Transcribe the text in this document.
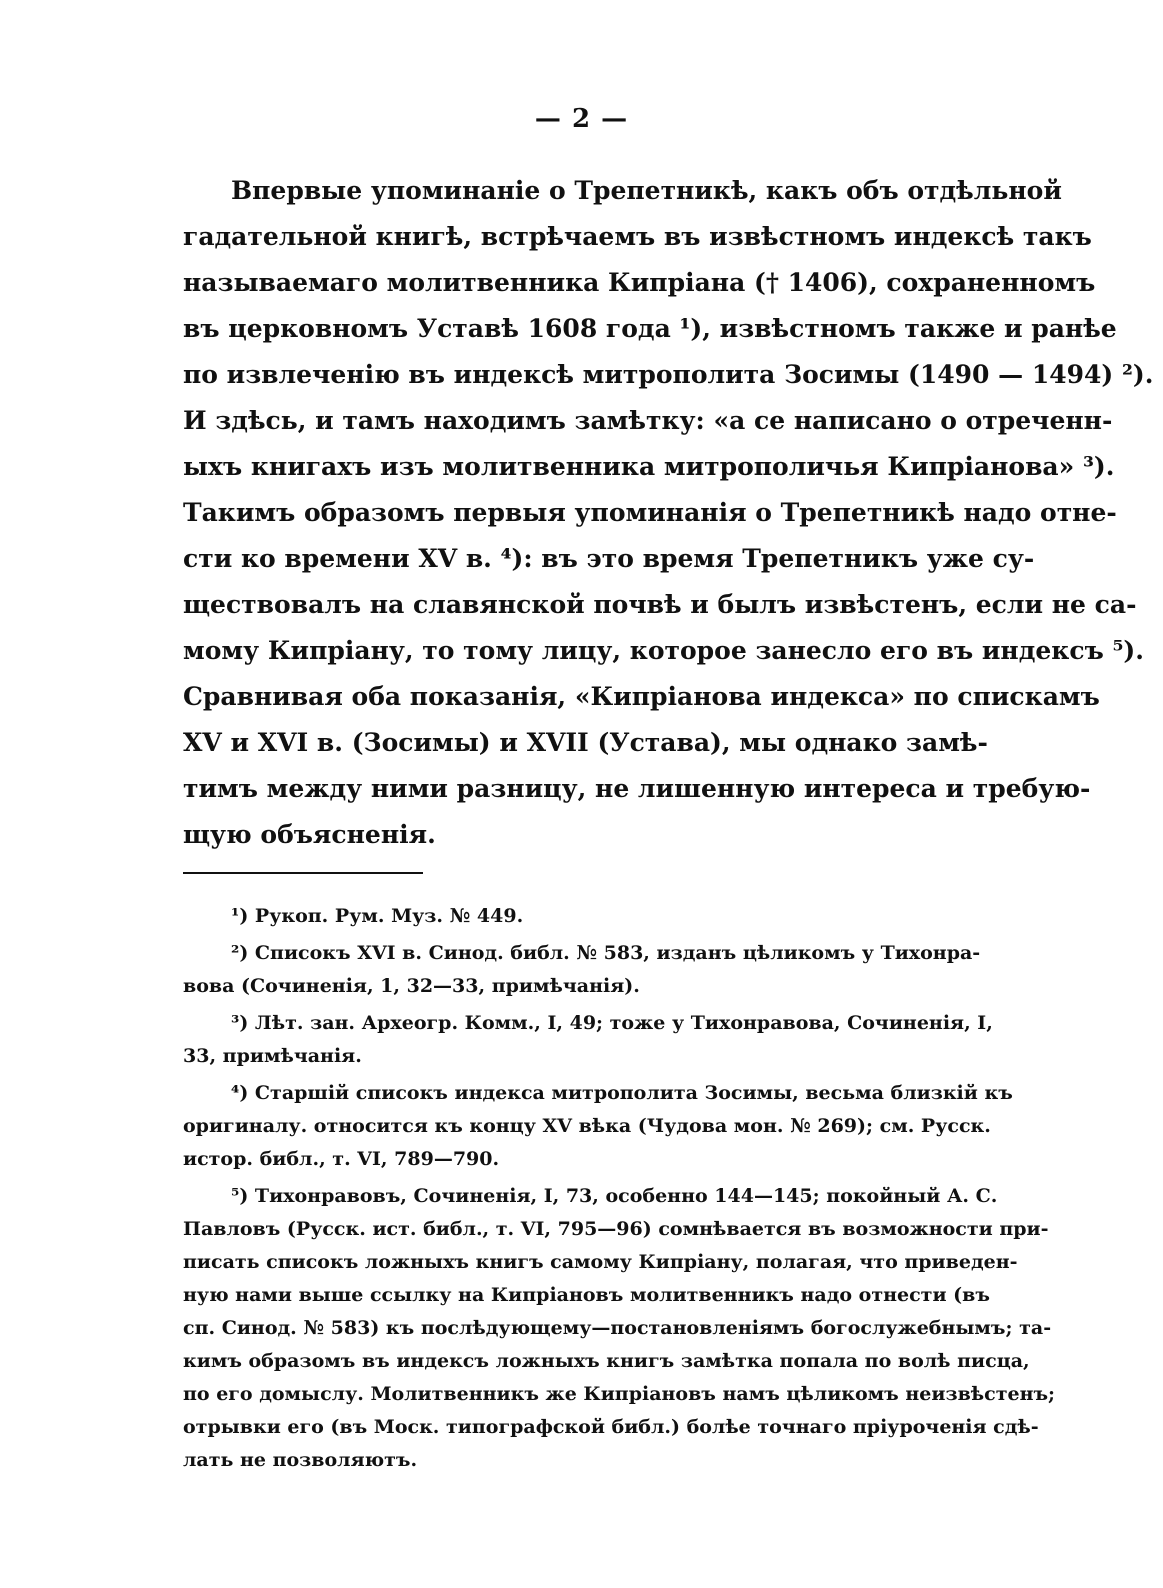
— 2 —
Впервые упоминаніе о Трепетникѣ, какъ объ отдѣльной
гадательной книгѣ, встрѣчаемъ въ извѣстномъ индексѣ такъ
называемаго молитвенника Кипріана († 1406), сохраненномъ
въ церковномъ Уставѣ 1608 года ¹), извѣстномъ также и ранѣе
по извлеченію въ индексѣ митрополита Зосимы (1490 — 1494) ²).
И здѣсь, и тамъ находимъ замѣтку: «а се написано о отреченн-
ыхъ книгахъ изъ молитвенника митрополичья Кипріанова» ³).
Такимъ образомъ первыя упоминанія о Трепетникѣ надо отне-
сти ко времени XV в. ⁴): въ это время Трепетникъ уже су-
ществовалъ на славянской почвѣ и былъ извѣстенъ, если не са-
мому Кипріану, то тому лицу, которое занесло его въ индексъ ⁵).
Сравнивая оба показанія, «Кипріанова индекса» по спискамъ
XV и XVI в. (Зосимы) и XVII (Устава), мы однако замѣ-
тимъ между ними разницу, не лишенную интереса и требую-
щую объясненія.
¹) Рукоп. Рум. Муз. № 449.
²) Списокъ XVI в. Синод. библ. № 583, изданъ цѣликомъ у Тихонра-
вова (Сочиненія, 1, 32—33, примѣчанія).
³) Лѣт. зан. Археогр. Комм., I, 49; тоже у Тихонравова, Сочиненія, I,
33, примѣчанія.
⁴) Старшій списокъ индекса митрополита Зосимы, весьма близкій къ
оригиналу. относится къ концу XV вѣка (Чудова мон. № 269); см. Русск.
истор. библ., т. VI, 789—790.
⁵) Тихонравовъ, Сочиненія, I, 73, особенно 144—145; покойный А. С.
Павловъ (Русск. ист. библ., т. VI, 795—96) сомнѣвается въ возможности при-
писать списокъ ложныхъ книгъ самому Кипріану, полагая, что приведен-
ную нами выше ссылку на Кипріановъ молитвенникъ надо отнести (въ
сп. Синод. № 583) къ послѣдующему—постановленіямъ богослужебнымъ; та-
кимъ образомъ въ индексъ ложныхъ книгъ замѣтка попала по волѣ писца,
по его домыслу. Молитвенникъ же Кипріановъ намъ цѣликомъ неизвѣстенъ;
отрывки его (въ Моск. типографской библ.) болѣе точнаго пріуроченія сдѣ-
лать не позволяютъ.
